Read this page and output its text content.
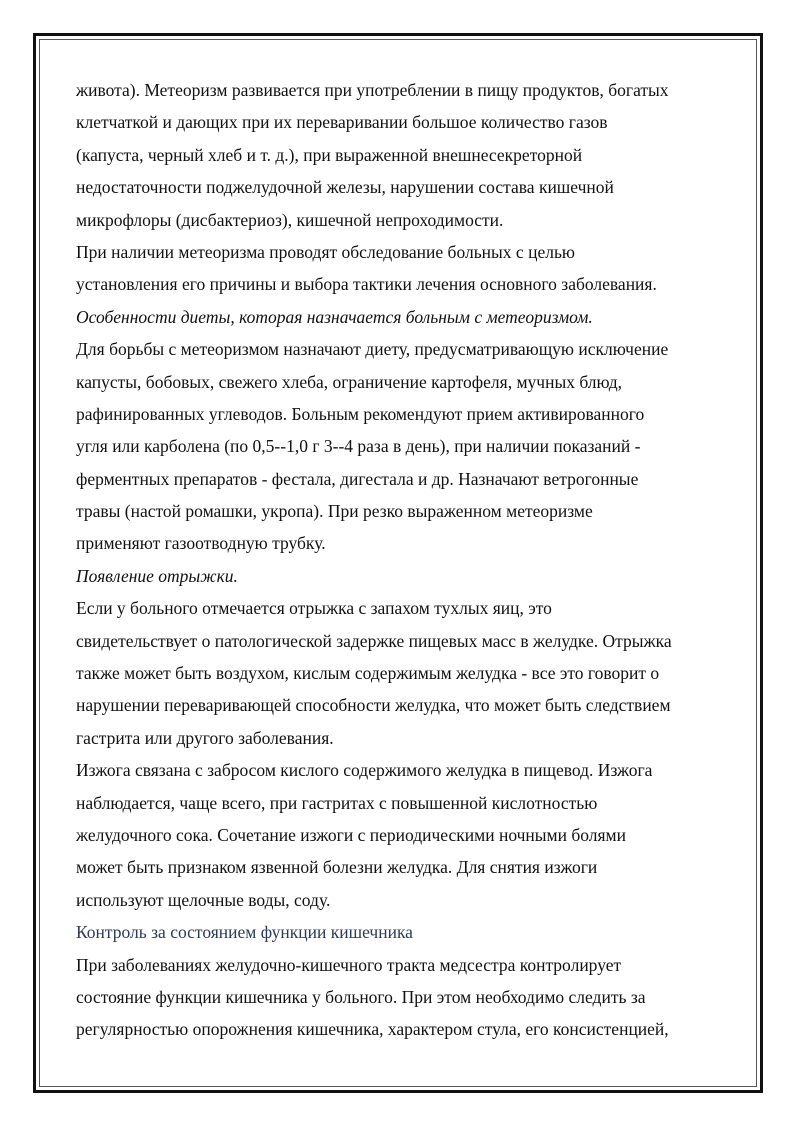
живота). Метеоризм развивается при употреблении в пищу продуктов, богатых
клетчаткой и дающих при их переваривании большое количество газов
(капуста, черный хлеб и т. д.), при выраженной внешнесекреторной
недостаточности поджелудочной железы, нарушении состава кишечной
микрофлоры (дисбактериоз), кишечной непроходимости.
При наличии метеоризма проводят обследование больных с целью
установления его причины и выбора тактики лечения основного заболевания.
Особенности диеты, которая назначается больным с метеоризмом.
Для борьбы с метеоризмом назначают диету, предусматривающую исключение
капусты, бобовых, свежего хлеба, ограничение картофеля, мучных блюд,
рафинированных углеводов. Больным рекомендуют прием активированного
угля или карболена (по 0,5--1,0 г 3--4 раза в день), при наличии показаний -
ферментных препаратов - фестала, дигестала и др. Назначают ветрогонные
травы (настой ромашки, укропа). При резко выраженном метеоризме
применяют газоотводную трубку.
Появление отрыжки.
Если у больного отмечается отрыжка с запахом тухлых яиц, это
свидетельствует о патологической задержке пищевых масс в желудке. Отрыжка
также может быть воздухом, кислым содержимым желудка - все это говорит о
нарушении переваривающей способности желудка, что может быть следствием
гастрита или другого заболевания.
Изжога связана с забросом кислого содержимого желудка в пищевод. Изжога
наблюдается, чаще всего, при гастритах с повышенной кислотностью
желудочного сока. Сочетание изжоги с периодическими ночными болями
может быть признаком язвенной болезни желудка. Для снятия изжоги
используют щелочные воды, соду.
Контроль за состоянием функции кишечника
При заболеваниях желудочно-кишечного тракта медсестра контролирует
состояние функции кишечника у больного. При этом необходимо следить за
регулярностью опорожнения кишечника, характером стула, его консистенцией,
